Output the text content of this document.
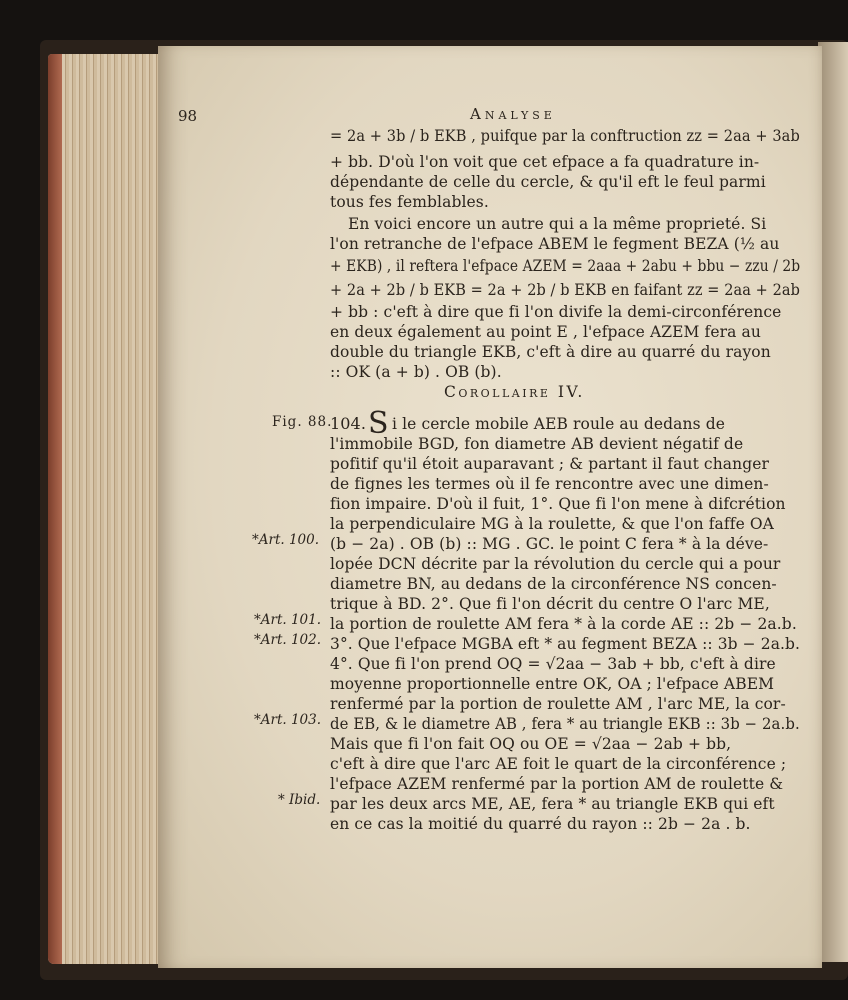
98	Analyse
= 2a + 3b / b EKB , puifque par la conftruction zz = 2aa + 3ab
+ bb. D'où l'on voit que cet efpace a fa quadrature in-
dépendante de celle du cercle, & qu'il eft le feul parmi
tous fes femblables.
En voici encore un autre qui a la même proprieté. Si
l'on retranche de l'efpace ABEM le fegment BEZA (½ au
+ EKB) , il reftera l'efpace AZEM = 2aaa + 2abu + bbu − zzu / 2b
+ 2a + 2b / b EKB = 2a + 2b / b EKB en faifant zz = 2aa + 2ab
+ bb : c'eft à dire que fi l'on divife la demi-circonférence
en deux également au point E , l'efpace AZEM fera au
double du triangle EKB, c'eft à dire au quarré du rayon
:: OK (a + b) . OB (b).
Corollaire IV.
Fig. 88.
104. S i le cercle mobile AEB roule au dedans de
l'immobile BGD, fon diametre AB devient négatif de
pofitif qu'il étoit auparavant ; & partant il faut changer
de fignes les termes où il fe rencontre avec une dimen-
fion impaire. D'où il fuit, 1°. Que fi l'on mene à difcrétion
la perpendiculaire MG à la roulette, & que l'on faffe OA
(b − 2a) . OB (b) :: MG . GC. le point C fera * à la déve-
lopée DCN décrite par la révolution du cercle qui a pour
diametre BN, au dedans de la circonférence NS concen-
trique à BD. 2°. Que fi l'on décrit du centre O l'arc ME,
la portion de roulette AM fera * à la corde AE :: 2b − 2a.b.
3°. Que l'efpace MGBA eft * au fegment BEZA :: 3b − 2a.b.
4°. Que fi l'on prend OQ = √2aa − 3ab + bb, c'eft à dire
moyenne proportionnelle entre OK, OA ; l'efpace ABEM
renfermé par la portion de roulette AM , l'arc ME, la cor-
de EB, & le diametre AB , fera * au triangle EKB :: 3b − 2a.b.
Mais que fi l'on fait OQ ou OE = √2aa − 2ab + bb,
c'eft à dire que l'arc AE foit le quart de la circonférence ;
l'efpace AZEM renfermé par la portion AM de roulette &
par les deux arcs ME, AE, fera * au triangle EKB qui eft
en ce cas la moitié du quarré du rayon :: 2b − 2a . b.
*Art. 100.
*Art. 101.
*Art. 102.
*Art. 103.
* Ibid.
